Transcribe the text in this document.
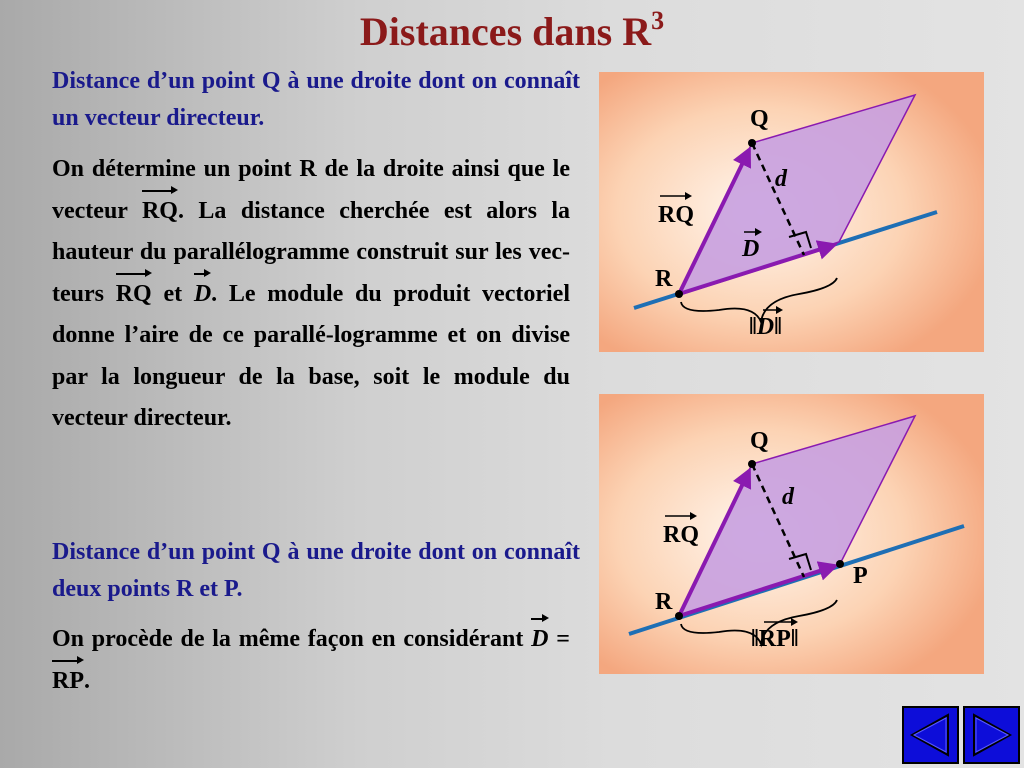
Distances dans $R^3$

Distance d’un point Q à une droite dont on connaît un vecteur directeur.

On détermine un point R de la droite ainsi que le vecteur RQ. La distance cherchée est alors la hauteur du parallélogramme construit sur les vec-teurs RQ et D. Le module du produit vectoriel donne l’aire de ce parallé-logramme et on divise par la longueur de la base, soit le module du vecteur directeur.

Distance d’un point Q à une droite dont on connaît deux points R et P.

On procède de la même façon en considérant D = RP.

Q
R
d
RQ
D
‖D‖
Q
R
P
d
RQ
‖RP‖
